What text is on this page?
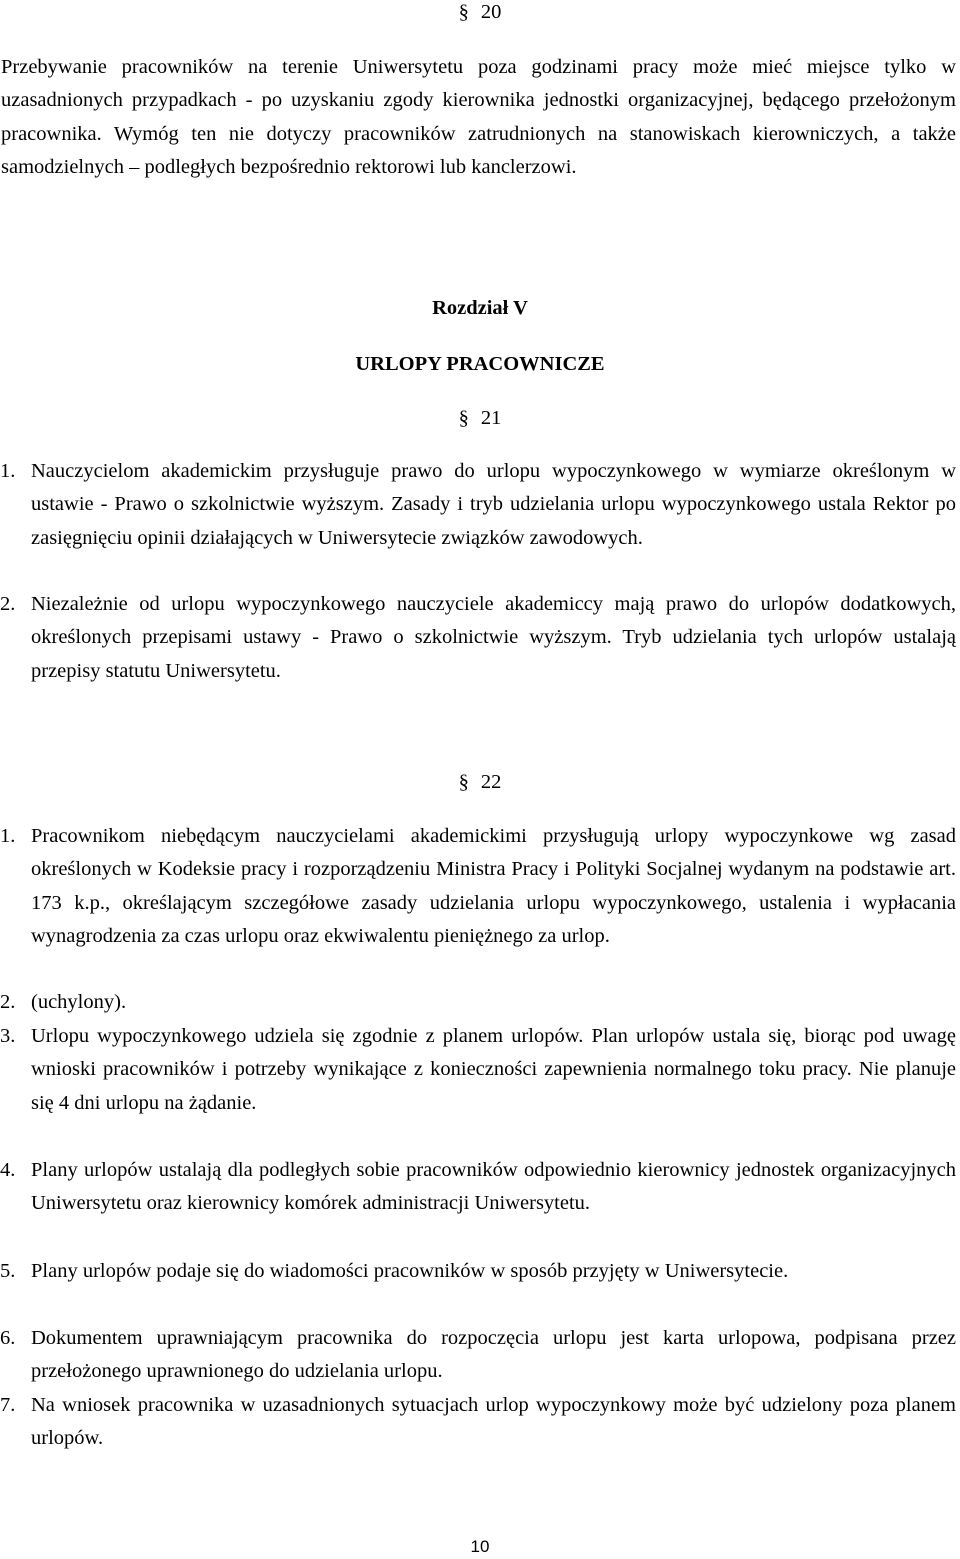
§ 20
Przebywanie pracowników na terenie Uniwersytetu poza godzinami pracy może mieć miejsce tylko w uzasadnionych przypadkach - po uzyskaniu zgody kierownika jednostki organizacyjnej, będącego przełożonym pracownika. Wymóg ten nie dotyczy pracowników zatrudnionych na stanowiskach kierowniczych, a także samodzielnych – podległych bezpośrednio rektorowi lub kanclerzowi.
Rozdział V
URLOPY PRACOWNICZE
§ 21
1. Nauczycielom akademickim przysługuje prawo do urlopu wypoczynkowego w wymiarze określonym w ustawie - Prawo o szkolnictwie wyższym. Zasady i tryb udzielania urlopu wypoczynkowego ustala Rektor po zasięgnięciu opinii działających w Uniwersytecie związków zawodowych.
2. Niezależnie od urlopu wypoczynkowego nauczyciele akademiccy mają prawo do urlopów dodatkowych, określonych przepisami ustawy - Prawo o szkolnictwie wyższym. Tryb udzielania tych urlopów ustalają przepisy statutu Uniwersytetu.
§ 22
1. Pracownikom niebędącym nauczycielami akademickimi przysługują urlopy wypoczynkowe wg zasad określonych w Kodeksie pracy i rozporządzeniu Ministra Pracy i Polityki Socjalnej wydanym na podstawie art. 173 k.p., określającym szczegółowe zasady udzielania urlopu wypoczynkowego, ustalenia i wypłacania wynagrodzenia za czas urlopu oraz ekwiwalentu pieniężnego za urlop.
2. (uchylony).
3. Urlopu wypoczynkowego udziela się zgodnie z planem urlopów. Plan urlopów ustala się, biorąc pod uwagę wnioski pracowników i potrzeby wynikające z konieczności zapewnienia normalnego toku pracy. Nie planuje się 4 dni urlopu na żądanie.
4. Plany urlopów ustalają dla podległych sobie pracowników odpowiednio kierownicy jednostek organizacyjnych Uniwersytetu oraz kierownicy komórek administracji Uniwersytetu.
5. Plany urlopów podaje się do wiadomości pracowników w sposób przyjęty w Uniwersytecie.
6. Dokumentem uprawniającym pracownika do rozpoczęcia urlopu jest karta urlopowa, podpisana przez przełożonego uprawnionego do udzielania urlopu.
7. Na wniosek pracownika w uzasadnionych sytuacjach urlop wypoczynkowy może być udzielony poza planem urlopów.
10
